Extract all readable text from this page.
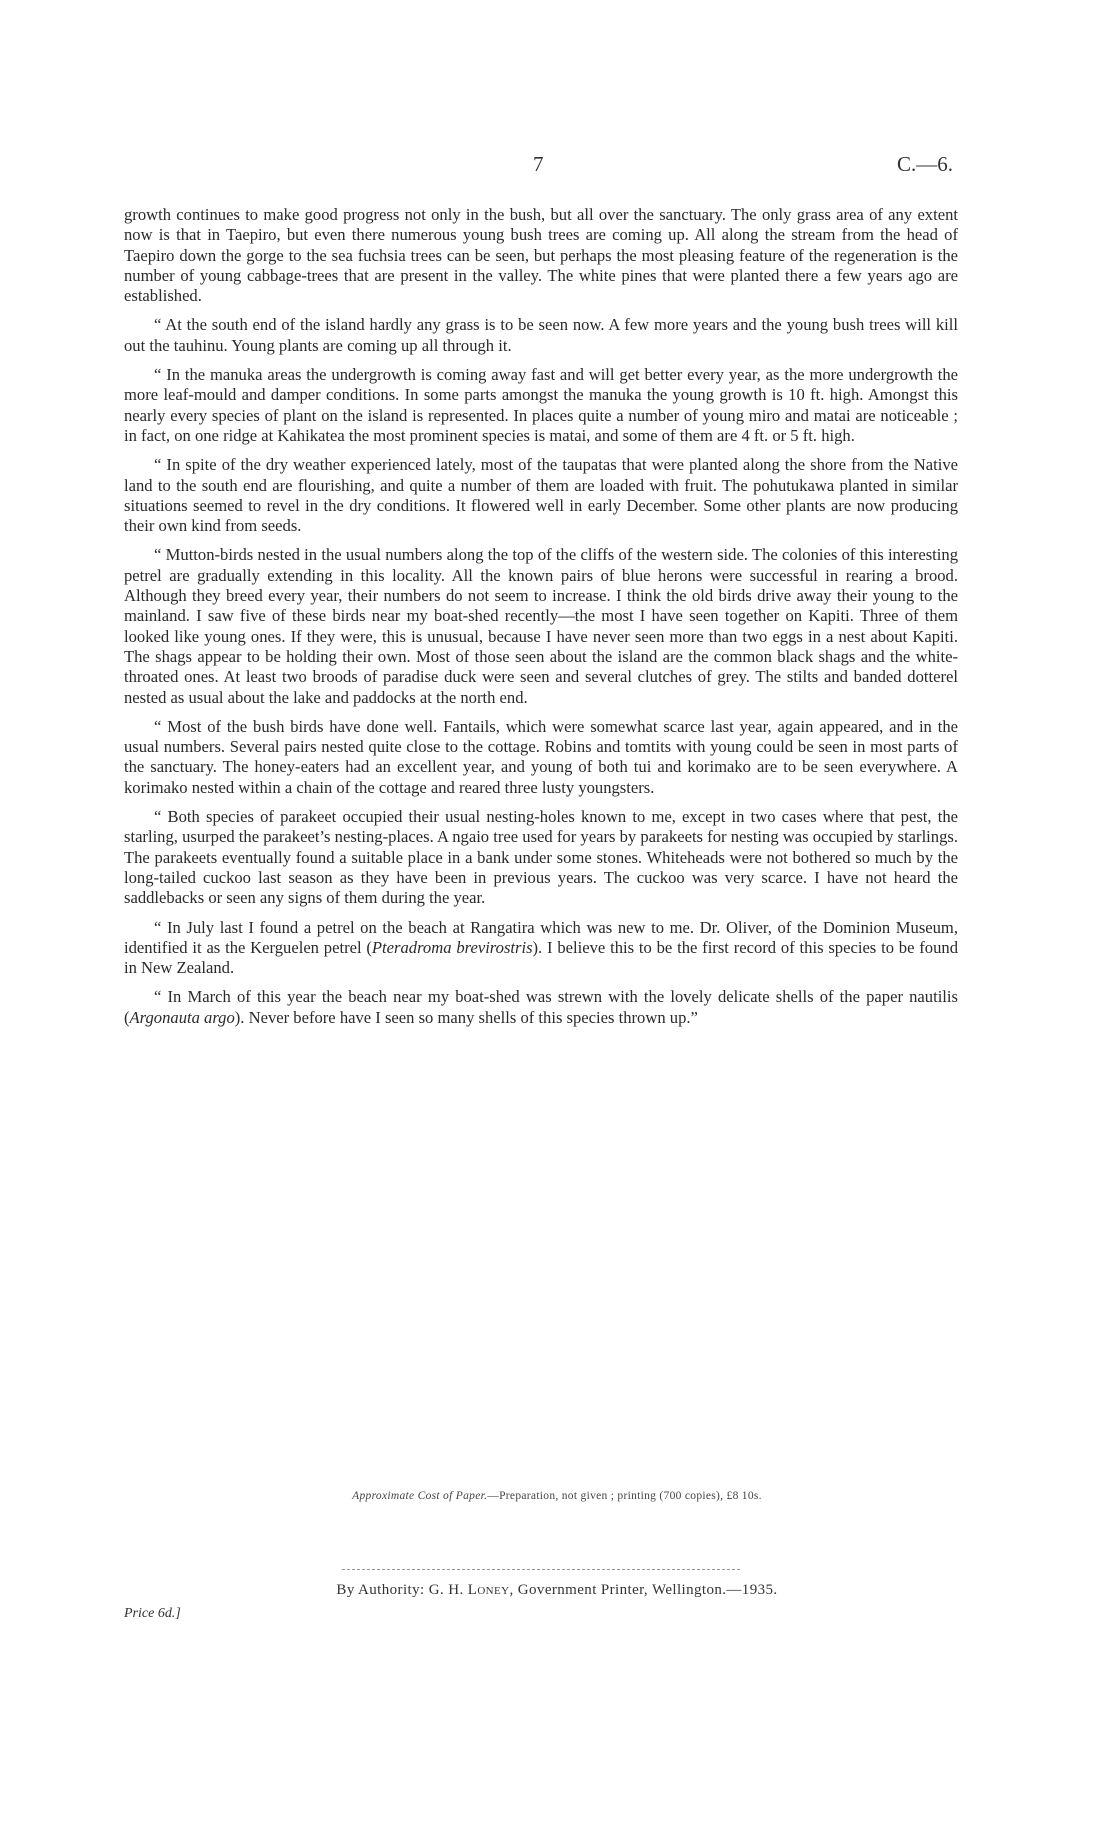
7	C.—6.

growth continues to make good progress not only in the bush, but all over the sanctuary. The only grass area of any extent now is that in Taepiro, but even there numerous young bush trees are coming up. All along the stream from the head of Taepiro down the gorge to the sea fuchsia trees can be seen, but perhaps the most pleasing feature of the regeneration is the number of young cabbage-trees that are present in the valley. The white pines that were planted there a few years ago are established.

“ At the south end of the island hardly any grass is to be seen now. A few more years and the young bush trees will kill out the tauhinu. Young plants are coming up all through it.

“ In the manuka areas the undergrowth is coming away fast and will get better every year, as the more undergrowth the more leaf-mould and damper conditions. In some parts amongst the manuka the young growth is 10 ft. high. Amongst this nearly every species of plant on the island is represented. In places quite a number of young miro and matai are noticeable ; in fact, on one ridge at Kahikatea the most prominent species is matai, and some of them are 4 ft. or 5 ft. high.

“ In spite of the dry weather experienced lately, most of the taupatas that were planted along the shore from the Native land to the south end are flourishing, and quite a number of them are loaded with fruit. The pohutukawa planted in similar situations seemed to revel in the dry conditions. It flowered well in early December. Some other plants are now producing their own kind from seeds.

“ Mutton-birds nested in the usual numbers along the top of the cliffs of the western side. The colonies of this interesting petrel are gradually extending in this locality. All the known pairs of blue herons were successful in rearing a brood. Although they breed every year, their numbers do not seem to increase. I think the old birds drive away their young to the mainland. I saw five of these birds near my boat-shed recently—the most I have seen together on Kapiti. Three of them looked like young ones. If they were, this is unusual, because I have never seen more than two eggs in a nest about Kapiti. The shags appear to be holding their own. Most of those seen about the island are the common black shags and the white-throated ones. At least two broods of paradise duck were seen and several clutches of grey. The stilts and banded dotterel nested as usual about the lake and paddocks at the north end.

“ Most of the bush birds have done well. Fantails, which were somewhat scarce last year, again appeared, and in the usual numbers. Several pairs nested quite close to the cottage. Robins and tomtits with young could be seen in most parts of the sanctuary. The honey-eaters had an excellent year, and young of both tui and korimako are to be seen everywhere. A korimako nested within a chain of the cottage and reared three lusty youngsters.

“ Both species of parakeet occupied their usual nesting-holes known to me, except in two cases where that pest, the starling, usurped the parakeet’s nesting-places. A ngaio tree used for years by parakeets for nesting was occupied by starlings. The parakeets eventually found a suitable place in a bank under some stones. Whiteheads were not bothered so much by the long-tailed cuckoo last season as they have been in previous years. The cuckoo was very scarce. I have not heard the saddlebacks or seen any signs of them during the year.

“ In July last I found a petrel on the beach at Rangatira which was new to me. Dr. Oliver, of the Dominion Museum, identified it as the Kerguelen petrel (Pteradroma brevirostris). I believe this to be the first record of this species to be found in New Zealand.

“ In March of this year the beach near my boat-shed was strewn with the lovely delicate shells of the paper nautilis (Argonauta argo). Never before have I seen so many shells of this species thrown up.”

Approximate Cost of Paper.—Preparation, not given ; printing (700 copies), £8 10s.
By Authority: G. H. Loney, Government Printer, Wellington.—1935.
Price 6d.]
